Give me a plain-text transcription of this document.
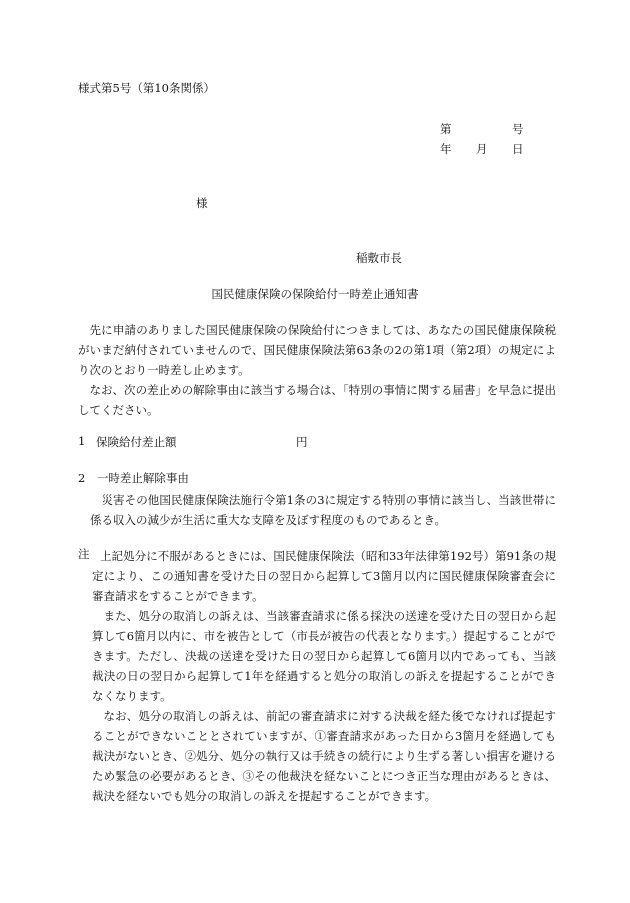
様式第5号（第10条関係）
第	号
年 月 日
様
稲敷市長
国民健康保険の保険給付一時差止通知書
先に申請のありました国民健康保険の保険給付につきましては、あなたの国民健康保険税がいまだ納付されていませんので、国民健康保険法第63条の2の第1項（第2項）の規定により次のとおり一時差し止めます。
なお、次の差止めの解除事由に該当する場合は、「特別の事情に関する届書」を早急に提出してください。
1 保険給付差止額	円
2　一時差止解除事由
災害その他国民健康保険法施行令第1条の3に規定する特別の事情に該当し、当該世帯に係る収入の減少が生活に重大な支障を及ぼす程度のものであるとき。
注 上記処分に不服があるときには、国民健康保険法（昭和33年法律第192号）第91条の規定により、この通知書を受けた日の翌日から起算して3箇月以内に国民健康保険審査会に審査請求をすることができます。
また、処分の取消しの訴えは、当該審査請求に係る採決の送達を受けた日の翌日から起算して6箇月以内に、市を被告として（市長が被告の代表となります。）提起することができます。ただし、決裁の送達を受けた日の翌日から起算して6箇月以内であっても、当該裁決の日の翌日から起算して1年を経過すると処分の取消しの訴えを提起することができなくなります。
なお、処分の取消しの訴えは、前記の審査請求に対する決裁を経た後でなければ提起することができないこととされていますが、①審査請求があった日から3箇月を経過しても裁決がないとき、②処分、処分の執行又は手続きの続行により生ずる著しい損害を避けるため緊急の必要があるとき、③その他裁決を経ないことにつき正当な理由があるときは、裁決を経ないでも処分の取消しの訴えを提起することができます。
